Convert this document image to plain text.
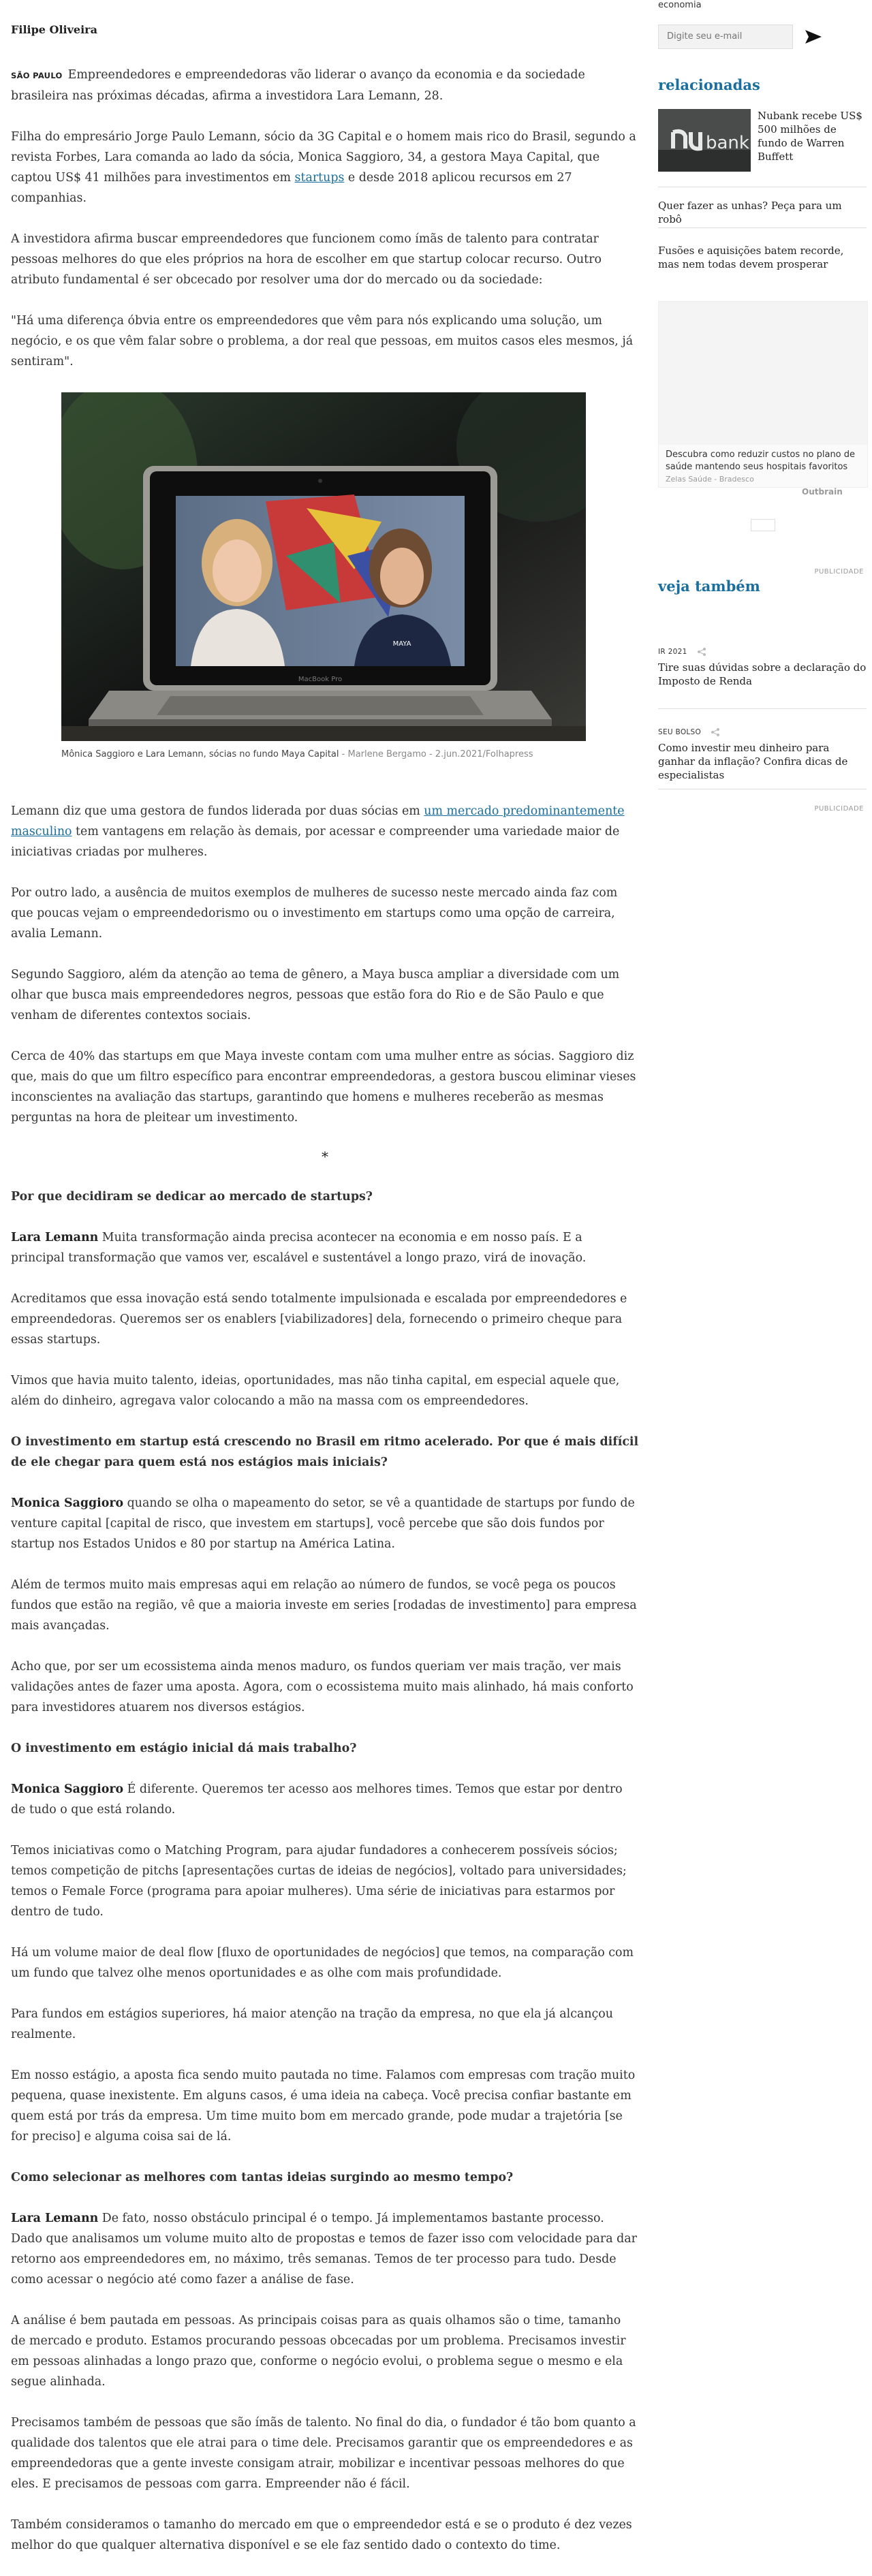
Filipe Oliveira

SÃO PAULO Empreendedores e empreendedoras vão liderar o avanço da economia e da sociedade brasileira nas próximas décadas, afirma a investidora Lara Lemann, 28.

Filha do empresário Jorge Paulo Lemann, sócio da 3G Capital e o homem mais rico do Brasil, segundo a revista Forbes, Lara comanda ao lado da sócia, Monica Saggioro, 34, a gestora Maya Capital, que captou US$ 41 milhões para investimentos em startups e desde 2018 aplicou recursos em 27 companhias.

A investidora afirma buscar empreendedores que funcionem como ímãs de talento para contratar pessoas melhores do que eles próprios na hora de escolher em que startup colocar recurso. Outro atributo fundamental é ser obcecado por resolver uma dor do mercado ou da sociedade:

"Há uma diferença óbvia entre os empreendedores que vêm para nós explicando uma solução, um negócio, e os que vêm falar sobre o problema, a dor real que pessoas, em muitos casos eles mesmos, já sentiram".

MAYA
MacBook Pro
Mônica Saggioro e Lara Lemann, sócias no fundo Maya Capital - Marlene Bergamo - 2.jun.2021/Folhapress

Lemann diz que uma gestora de fundos liderada por duas sócias em um mercado predominantemente masculino tem vantagens em relação às demais, por acessar e compreender uma variedade maior de iniciativas criadas por mulheres.

Por outro lado, a ausência de muitos exemplos de mulheres de sucesso neste mercado ainda faz com que poucas vejam o empreendedorismo ou o investimento em startups como uma opção de carreira, avalia Lemann.

Segundo Saggioro, além da atenção ao tema de gênero, a Maya busca ampliar a diversidade com um olhar que busca mais empreendedores negros, pessoas que estão fora do Rio e de São Paulo e que venham de diferentes contextos sociais.

Cerca de 40% das startups em que Maya investe contam com uma mulher entre as sócias. Saggioro diz que, mais do que um filtro específico para encontrar empreendedoras, a gestora buscou eliminar vieses inconscientes na avaliação das startups, garantindo que homens e mulheres receberão as mesmas perguntas na hora de pleitear um investimento.

*

Por que decidiram se dedicar ao mercado de startups?

Lara Lemann Muita transformação ainda precisa acontecer na economia e em nosso país. E a principal transformação que vamos ver, escalável e sustentável a longo prazo, virá de inovação.

Acreditamos que essa inovação está sendo totalmente impulsionada e escalada por empreendedores e empreendedoras. Queremos ser os enablers [viabilizadores] dela, fornecendo o primeiro cheque para essas startups.

Vimos que havia muito talento, ideias, oportunidades, mas não tinha capital, em especial aquele que, além do dinheiro, agregava valor colocando a mão na massa com os empreendedores.

O investimento em startup está crescendo no Brasil em ritmo acelerado. Por que é mais difícil de ele chegar para quem está nos estágios mais iniciais?

Monica Saggioro quando se olha o mapeamento do setor, se vê a quantidade de startups por fundo de venture capital [capital de risco, que investem em startups], você percebe que são dois fundos por startup nos Estados Unidos e 80 por startup na América Latina.

Além de termos muito mais empresas aqui em relação ao número de fundos, se você pega os poucos fundos que estão na região, vê que a maioria investe em series [rodadas de investimento] para empresa mais avançadas.

Acho que, por ser um ecossistema ainda menos maduro, os fundos queriam ver mais tração, ver mais validações antes de fazer uma aposta. Agora, com o ecossistema muito mais alinhado, há mais conforto para investidores atuarem nos diversos estágios.

O investimento em estágio inicial dá mais trabalho?

Monica Saggioro É diferente. Queremos ter acesso aos melhores times. Temos que estar por dentro de tudo o que está rolando.

Temos iniciativas como o Matching Program, para ajudar fundadores a conhecerem possíveis sócios; temos competição de pitchs [apresentações curtas de ideias de negócios], voltado para universidades; temos o Female Force (programa para apoiar mulheres). Uma série de iniciativas para estarmos por dentro de tudo.

Há um volume maior de deal flow [fluxo de oportunidades de negócios] que temos, na comparação com um fundo que talvez olhe menos oportunidades e as olhe com mais profundidade.

Para fundos em estágios superiores, há maior atenção na tração da empresa, no que ela já alcançou realmente.

Em nosso estágio, a aposta fica sendo muito pautada no time. Falamos com empresas com tração muito pequena, quase inexistente. Em alguns casos, é uma ideia na cabeça. Você precisa confiar bastante em quem está por trás da empresa. Um time muito bom em mercado grande, pode mudar a trajetória [se for preciso] e alguma coisa sai de lá.

Como selecionar as melhores com tantas ideias surgindo ao mesmo tempo?

Lara Lemann De fato, nosso obstáculo principal é o tempo. Já implementamos bastante processo. Dado que analisamos um volume muito alto de propostas e temos de fazer isso com velocidade para dar retorno aos empreendedores em, no máximo, três semanas. Temos de ter processo para tudo. Desde como acessar o negócio até como fazer a análise de fase.

A análise é bem pautada em pessoas. As principais coisas para as quais olhamos são o time, tamanho de mercado e produto. Estamos procurando pessoas obcecadas por um problema. Precisamos investir em pessoas alinhadas a longo prazo que, conforme o negócio evolui, o problema segue o mesmo e ela segue alinhada.

Precisamos também de pessoas que são ímãs de talento. No final do dia, o fundador é tão bom quanto a qualidade dos talentos que ele atrai para o time dele. Precisamos garantir que os empreendedores e as empreendedoras que a gente investe consigam atrair, mobilizar e incentivar pessoas melhores do que eles. E precisamos de pessoas com garra. Empreender não é fácil.

Também consideramos o tamanho do mercado em que o empreendedor está e se o produto é dez vezes melhor do que qualquer alternativa disponível e se ele faz sentido dado o contexto do time.

economia
Digite seu e-mail
relacionadas
bank
Nubank recebe US$ 500 milhões de fundo de Warren Buffett
Quer fazer as unhas? Peça para um robô
Fusões e aquisições batem recorde, mas nem todas devem prosperar
Descubra como reduzir custos no plano de saúde mantendo seus hospitais favoritos
Zelas Saúde - Bradesco
Outbrain
PUBLICIDADE
veja também
IR 2021
Tire suas dúvidas sobre a declaração do Imposto de Renda
SEU BOLSO
Como investir meu dinheiro para ganhar da inflação? Confira dicas de especialistas
PUBLICIDADE
